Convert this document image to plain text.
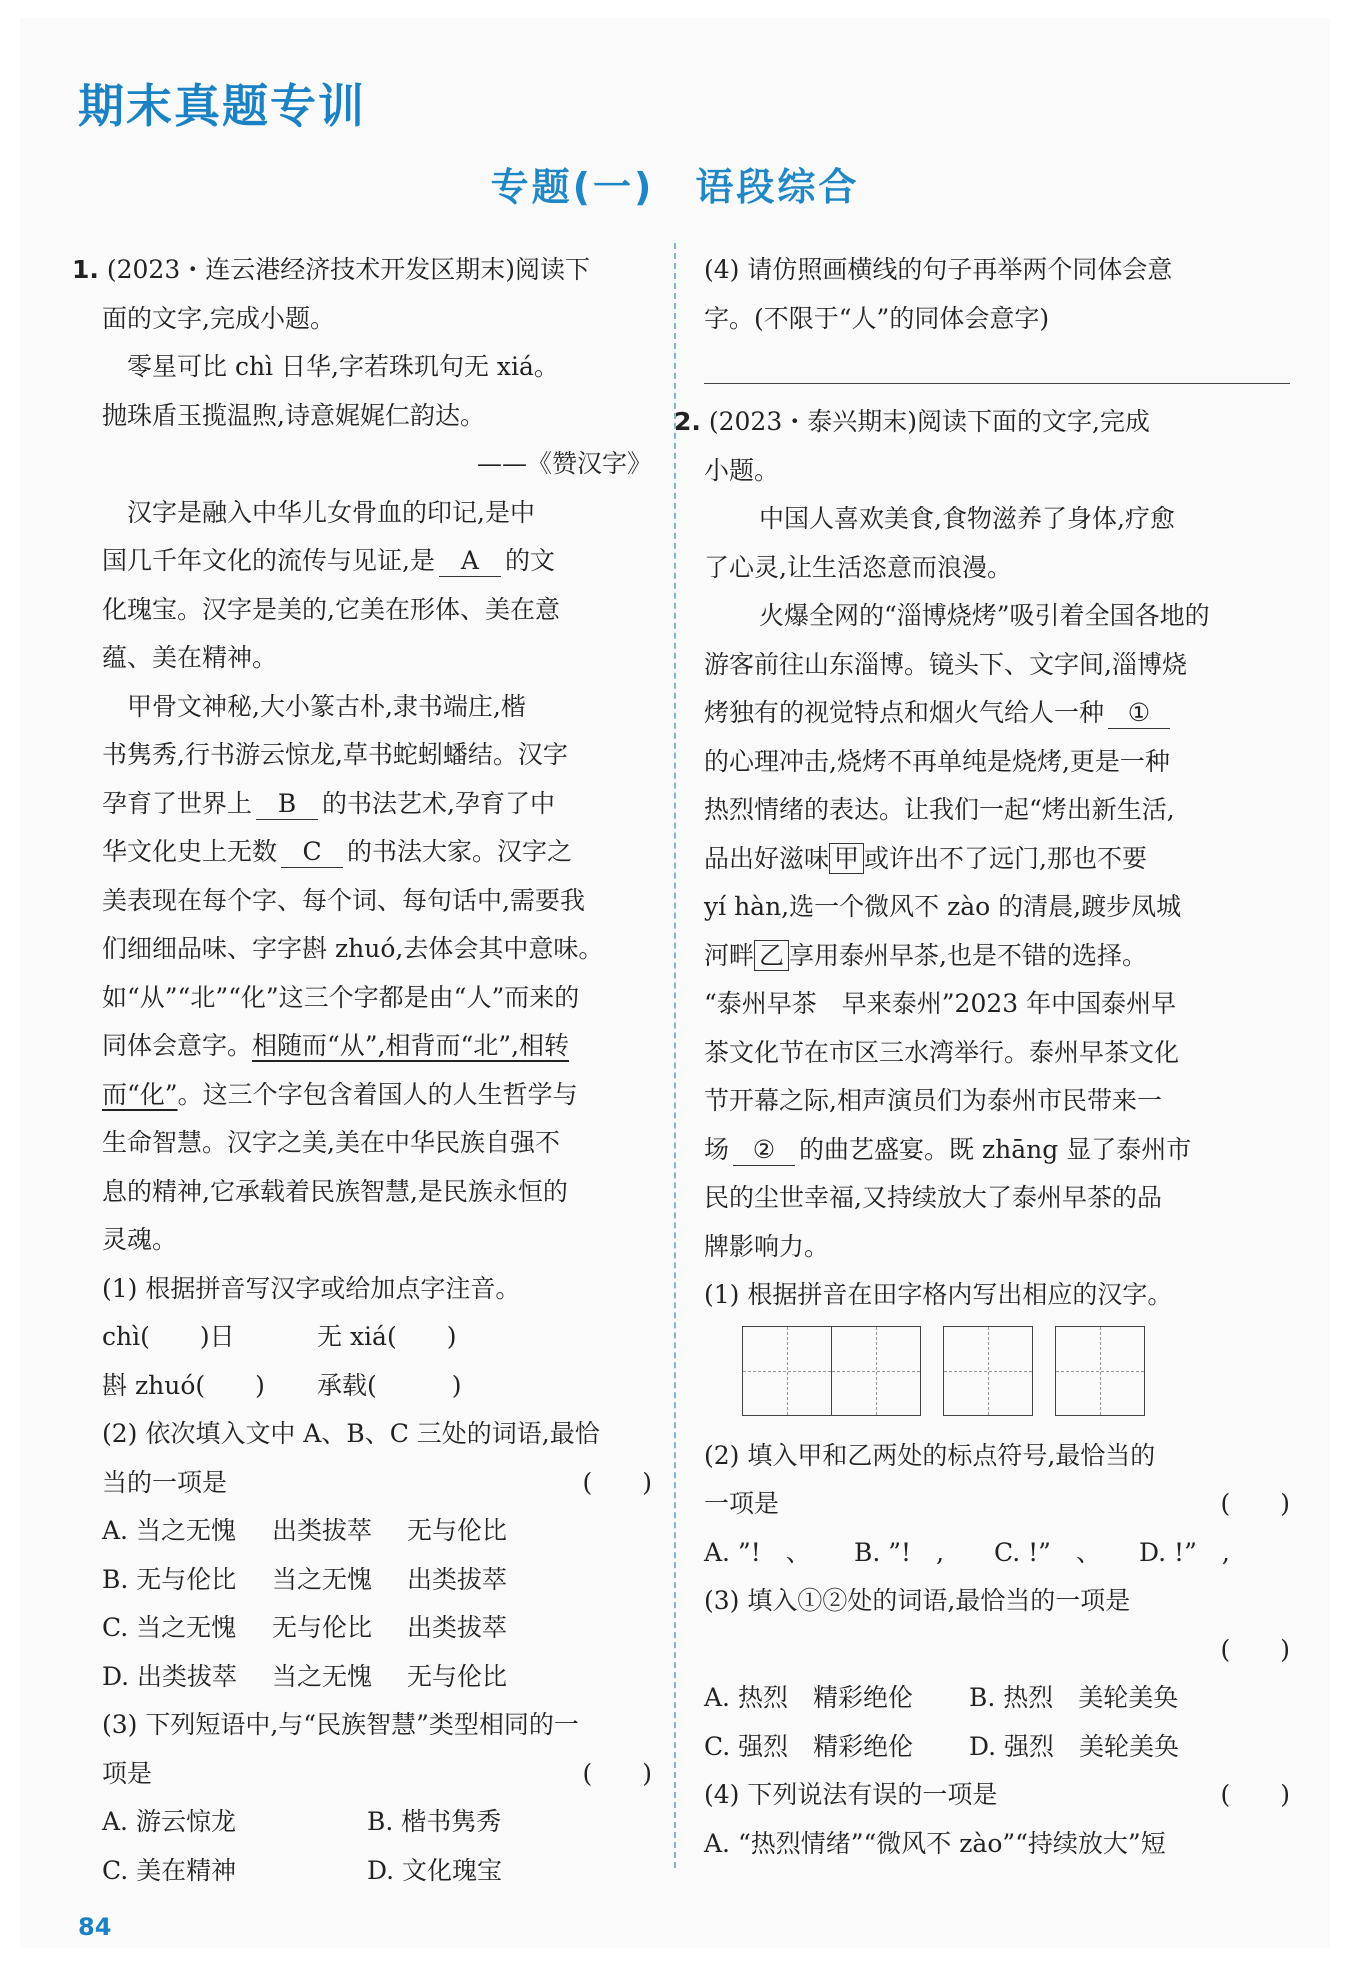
期末真题专训
专题(一)　语段综合
1. (2023・连云港经济技术开发区期末)阅读下
面的文字,完成小题。
零星可比 chì 日华,字若珠玑句无 xiá。
抛珠盾玉揽温煦,诗意娓娓仁韵达。
——《赞汉字》
汉字是融入中华儿女骨血的印记,是中
国几千年文化的流传与见证,是 A 的文
化瑰宝。汉字是美的,它美在形体、美在意
蕴、美在精神。
甲骨文神秘,大小篆古朴,隶书端庄,楷
书隽秀,行书游云惊龙,草书蛇蚓蟠结。汉字
孕育了世界上 B 的书法艺术,孕育了中
华文化史上无数 C 的书法大家。汉字之
美表现在每个字、每个词、每句话中,需要我
们细细品味、字字斟 zhuó,去体会其中意味。
如“从”“北”“化”这三个字都是由“人”而来的
同体会意字。相随而“从”,相背而“北”,相转
而“化”。这三个字包含着国人的人生哲学与
生命智慧。汉字之美,美在中华民族自强不
息的精神,它承载着民族智慧,是民族永恒的
灵魂。
(1) 根据拼音写汉字或给加点字注音。
chì(　　)日	无 xiá(　　)
斟 zhuó(　　) 承载(　　　)
(2) 依次填入文中 A、B、C 三处的词语,最恰
当的一项是	(　　)
A. 当之无愧 出类拔萃 无与伦比
B. 无与伦比 当之无愧 出类拔萃
C. 当之无愧 无与伦比 出类拔萃
D. 出类拔萃 当之无愧 无与伦比
(3) 下列短语中,与“民族智慧”类型相同的一
项是	(　　)
A. 游云惊龙	B. 楷书隽秀
C. 美在精神	D. 文化瑰宝
(4) 请仿照画横线的句子再举两个同体会意
字。(不限于“人”的同体会意字)
2. (2023・泰兴期末)阅读下面的文字,完成
小题。
中国人喜欢美食,食物滋养了身体,疗愈
了心灵,让生活恣意而浪漫。
火爆全网的“淄博烧烤”吸引着全国各地的
游客前往山东淄博。镜头下、文字间,淄博烧
烤独有的视觉特点和烟火气给人一种 ①
的心理冲击,烧烤不再单纯是烧烤,更是一种
热烈情绪的表达。让我们一起“烤出新生活,
品出好滋味 甲 或许出不了远门,那也不要
yí hàn,选一个微风不 zào 的清晨,踱步凤城
河畔 乙 享用泰州早茶,也是不错的选择。
“泰州早茶　早来泰州”2023 年中国泰州早
茶文化节在市区三水湾举行。泰州早茶文化
节开幕之际,相声演员们为泰州市民带来一
场 ② 的曲艺盛宴。既 zhāng 显了泰州市
民的尘世幸福,又持续放大了泰州早茶的品
牌影响力。
(1) 根据拼音在田字格内写出相应的汉字。
(2) 填入甲和乙两处的标点符号,最恰当的
一项是	(　　)
A. ”!　、 B. ”!　, C. !”　、 D. !”　,
(3) 填入①②处的词语,最恰当的一项是
(　　)
A. 热烈　精彩绝伦 B. 热烈　美轮美奂
C. 强烈　精彩绝伦 D. 强烈　美轮美奂
(4) 下列说法有误的一项是	(　　)
A. “热烈情绪”“微风不 zào”“持续放大”短
84
